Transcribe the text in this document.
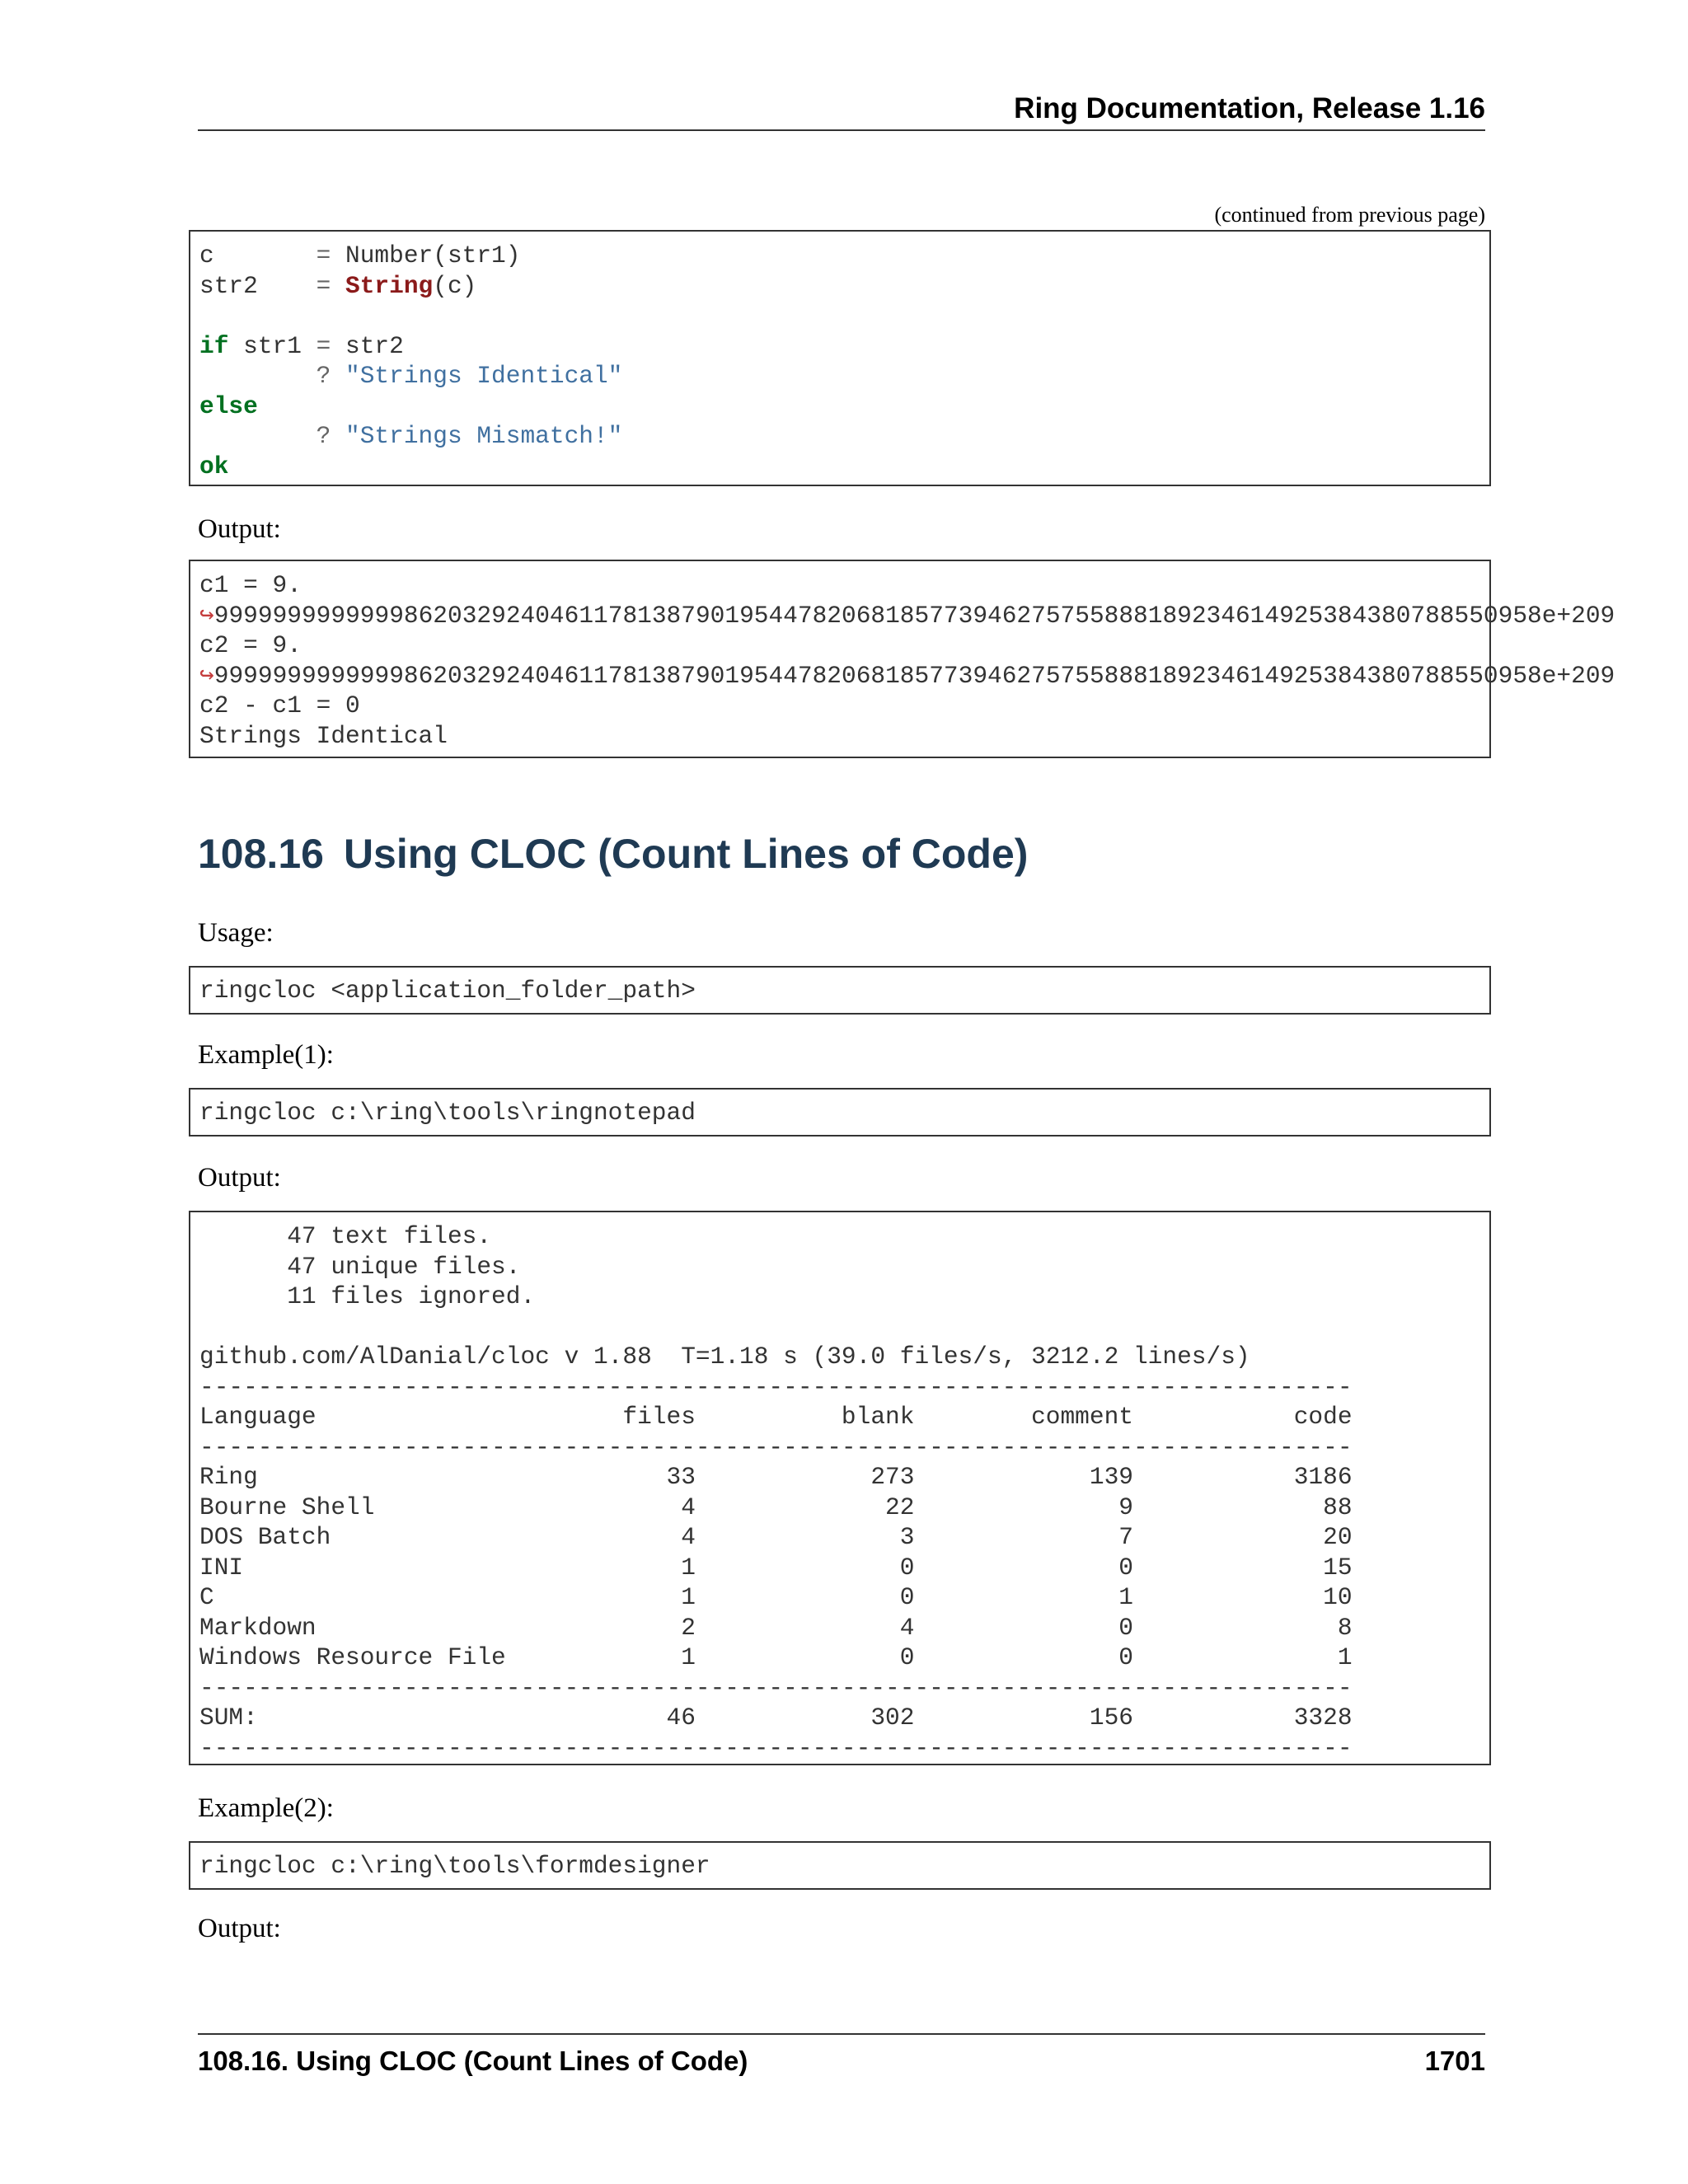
Ring Documentation, Release 1.16
(continued from previous page)
c       = Number(str1)
str2    = String(c)

if str1 = str2
? "Strings Identical"
else
? "Strings Mismatch!"
ok
Output:
c1 = 9.
↪9999999999999862032924046117813879019544782068185773946275755888189234614925384380788550958e+209
c2 = 9.
↪9999999999999862032924046117813879019544782068185773946275755888189234614925384380788550958e+209
c2 - c1 = 0
Strings Identical
108.16 Using CLOC (Count Lines of Code)
Usage:
ringcloc <application_folder_path>
Example(1):
ringcloc c:\ring\tools\ringnotepad
Output:
47 text files.
47 unique files.
11 files ignored.

github.com/AlDanial/cloc v 1.88  T=1.18 s (39.0 files/s, 3212.2 lines/s)
-------------------------------------------------------------------------------
Language                     files          blank        comment           code
-------------------------------------------------------------------------------
Ring                            33            273            139           3186
Bourne Shell                     4             22              9             88
DOS Batch                        4              3              7             20
INI                              1              0              0             15
C                                1              0              1             10
Markdown                         2              4              0              8
Windows Resource File            1              0              0              1
-------------------------------------------------------------------------------
SUM:                            46            302            156           3328
-------------------------------------------------------------------------------
Example(2):
ringcloc c:\ring\tools\formdesigner
Output:
108.16. Using CLOC (Count Lines of Code)	1701
